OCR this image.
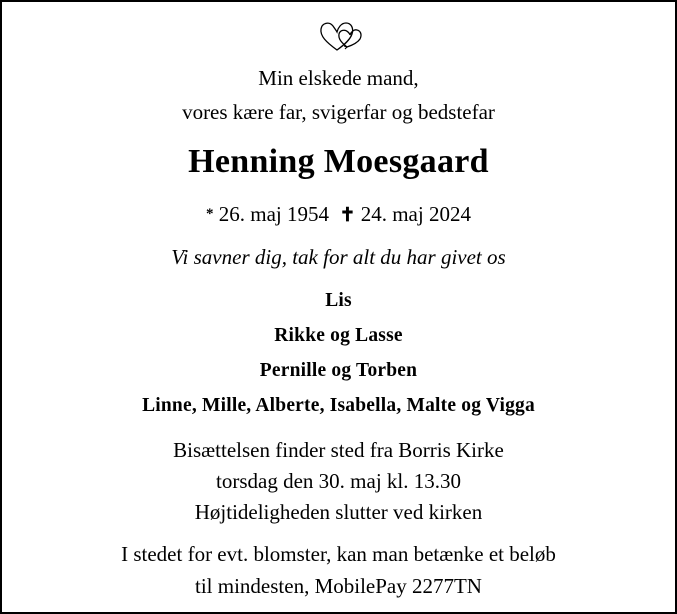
Min elskede mand,
vores kære far, svigerfar og bedstefar
Henning Moesgaard
* 26. maj 1954 ✝ 24. maj 2024
Vi savner dig, tak for alt du har givet os
Lis
Rikke og Lasse
Pernille og Torben
Linne, Mille, Alberte, Isabella, Malte og Vigga
Bisættelsen finder sted fra Borris Kirke
torsdag den 30. maj kl. 13.30
Højtideligheden slutter ved kirken
I stedet for evt. blomster, kan man betænke et beløb
til mindesten, MobilePay 2277TN
